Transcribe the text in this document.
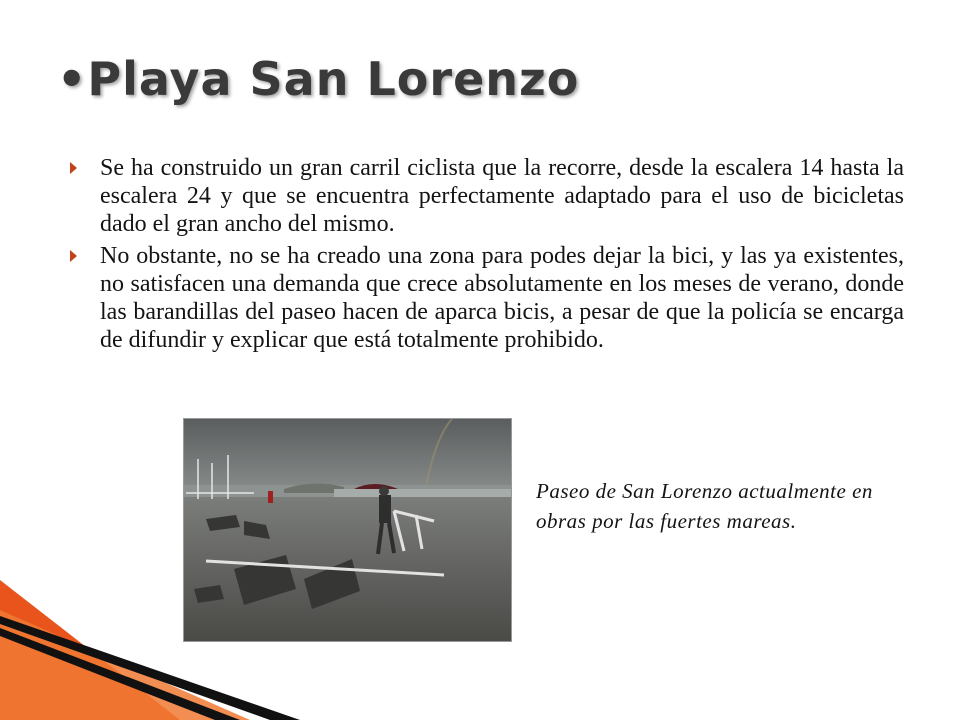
•Playa San Lorenzo

Se ha construido un gran carril ciclista que la recorre, desde la escalera 14 hasta la escalera 24 y que se encuentra perfectamente adaptado para el uso de bicicletas dado el gran ancho del mismo.

No obstante, no se ha creado una zona para podes dejar la bici, y las ya existentes, no satisfacen una demanda que crece absolutamente en los meses de verano, donde las barandillas del paseo hacen de aparca bicis, a pesar de que la policía se encarga de difundir y explicar que está totalmente prohibido.

Paseo de San Lorenzo actualmente en obras por las fuertes mareas.
